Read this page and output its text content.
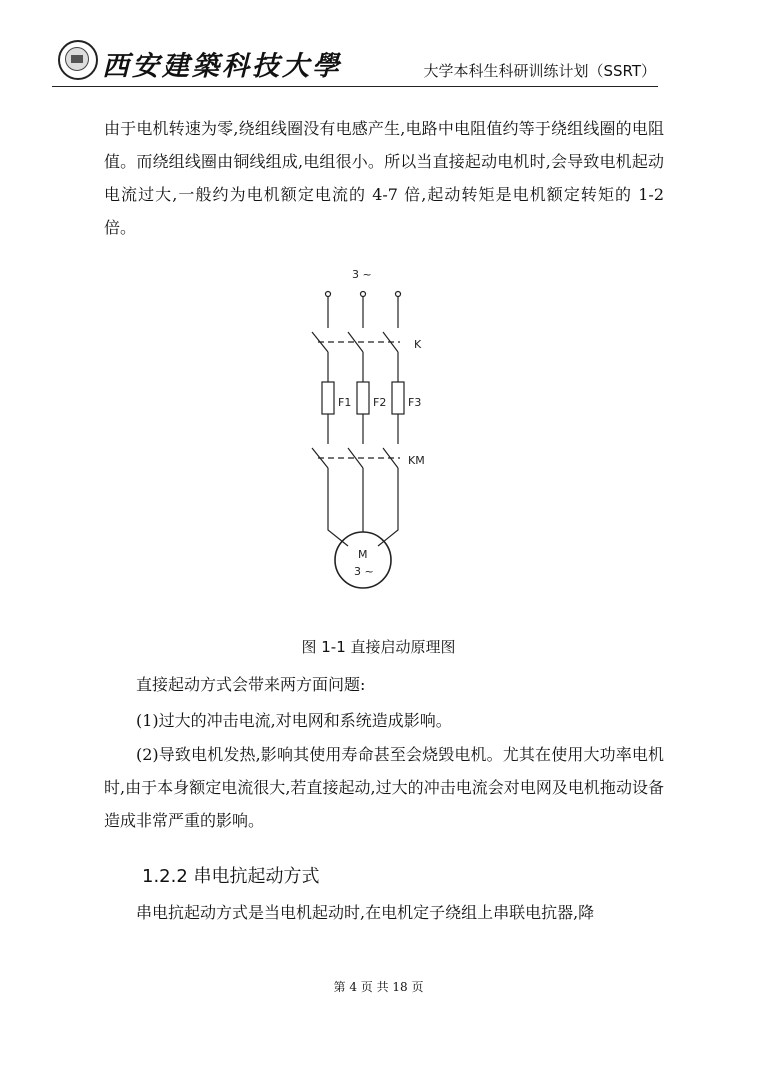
西安建築科技大學	大学本科生科研训练计划（SSRT）

由于电机转速为零,绕组线圈没有电感产生,电路中电阻值约等于绕组线圈的电阻值。而绕组线圈由铜线组成,电组很小。所以当直接起动电机时,会导致电机起动电流过大,一般约为电机额定电流的 4-7 倍,起动转矩是电机额定转矩的 1-2 倍。

3 ~
K
F1 F2 F3
KM
M
3 ~
图 1-1 直接启动原理图

直接起动方式会带来两方面问题:

(1)过大的冲击电流,对电网和系统造成影响。

(2)导致电机发热,影响其使用寿命甚至会烧毁电机。尤其在使用大功率电机时,由于本身额定电流很大,若直接起动,过大的冲击电流会对电网及电机拖动设备造成非常严重的影响。

1.2.2 串电抗起动方式

串电抗起动方式是当电机起动时,在电机定子绕组上串联电抗器,降

第 4 页 共 18 页
